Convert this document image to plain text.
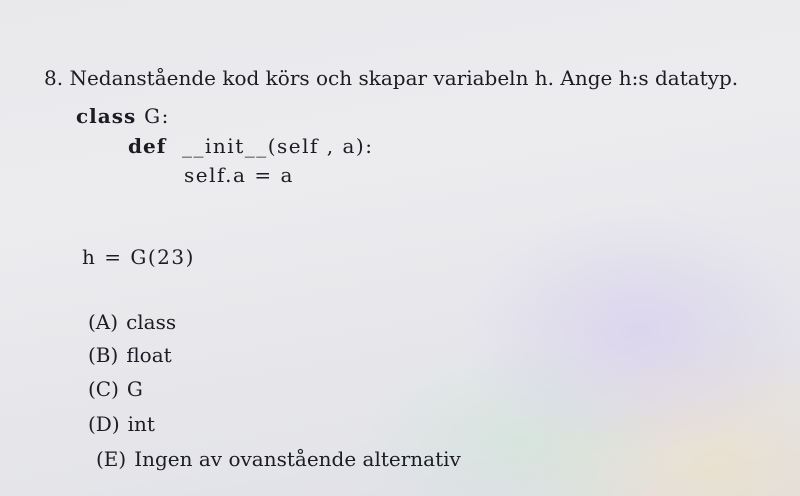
8. Nedanstående kod körs och skapar variabeln h. Ange h:s datatyp.
class G:
def  __init__(self , a):
self.a = a
h = G(23)
(A) class
(B) float
(C) G
(D) int
(E) Ingen av ovanstående alternativ
